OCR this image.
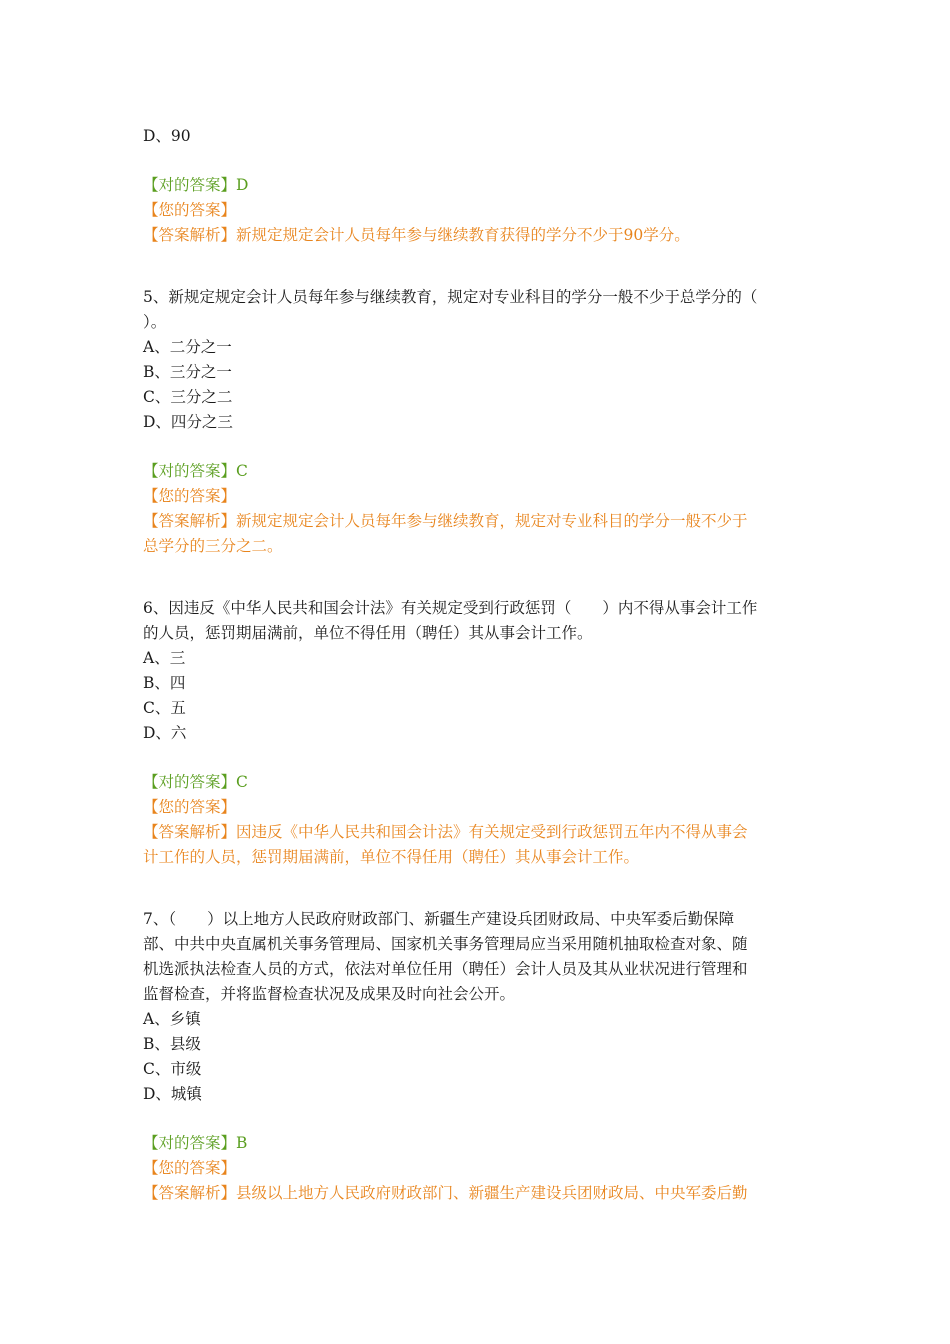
D、90
【对的答案】D
【您的答案】
【答案解析】新规定规定会计人员每年参与继续教育获得的学分不少于90学分。
5、新规定规定会计人员每年参与继续教育，规定对专业科目的学分一般不少于总学分的（
）。
A、二分之一
B、三分之一
C、三分之二
D、四分之三
【对的答案】C
【您的答案】
【答案解析】新规定规定会计人员每年参与继续教育，规定对专业科目的学分一般不少于
总学分的三分之二。
6、因违反《中华人民共和国会计法》有关规定受到行政惩罚（　　）内不得从事会计工作
的人员，惩罚期届满前，单位不得任用（聘任）其从事会计工作。
A、三
B、四
C、五
D、六
【对的答案】C
【您的答案】
【答案解析】因违反《中华人民共和国会计法》有关规定受到行政惩罚五年内不得从事会
计工作的人员，惩罚期届满前，单位不得任用（聘任）其从事会计工作。
7、（　　）以上地方人民政府财政部门、新疆生产建设兵团财政局、中央军委后勤保障
部、中共中央直属机关事务管理局、国家机关事务管理局应当采用随机抽取检查对象、随
机选派执法检查人员的方式，依法对单位任用（聘任）会计人员及其从业状况进行管理和
监督检查，并将监督检查状况及成果及时向社会公开。
A、乡镇
B、县级
C、市级
D、城镇
【对的答案】B
【您的答案】
【答案解析】县级以上地方人民政府财政部门、新疆生产建设兵团财政局、中央军委后勤
